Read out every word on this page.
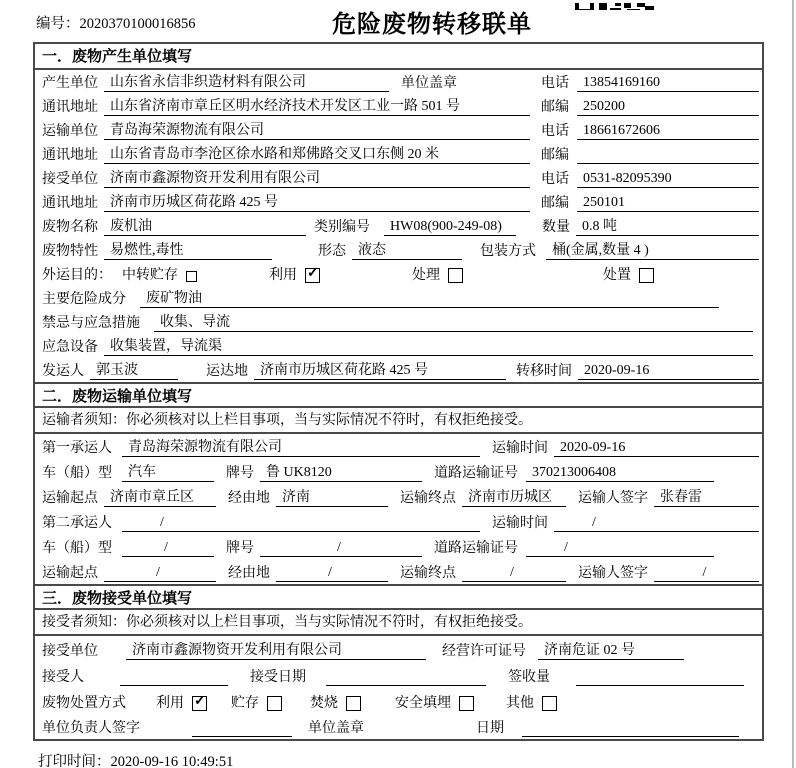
编号：2020370100016856	危险废物转移联单
一．废物产生单位填写
产生单位 山东省永信非织造材料有限公司	单位盖章	电话	13854169160
通讯地址 山东省济南市章丘区明水经济技术开发区工业一路 501 号	邮编	250200
运输单位 青岛海荣源物流有限公司	电话	18661672606
通讯地址 山东省青岛市李沧区徐水路和郑佛路交叉口东侧 20 米	邮编
接受单位 济南市鑫源物资开发利用有限公司	电话	0531-82095390
通讯地址 济南市历城区荷花路 425 号	邮编	250101
废物名称 废机油	类别编号	HW08(900-249-08)	数量 0.8 吨
废物特性 易燃性,毒性	形态 液态	包装方式	桶(金属,数量 4 )
外运目的： 中转贮存	利用 ✓	处理	处置
主要危险成分	废矿物油
禁忌与应急措施	收集、导流
应急设备 收集装置，导流渠
发运人 郭玉波	运达地 济南市历城区荷花路 425 号	转移时间 2020-09-16
二．废物运输单位填写
运输者须知：你必须核对以上栏目事项，当与实际情况不符时，有权拒绝接受。
第一承运人	青岛海荣源物流有限公司	运输时间 2020-09-16
车（船）型	汽车	牌号 鲁 UK8120	道路运输证号	370213006408
运输起点 济南市章丘区	经由地 济南	运输终点 济南市历城区	运输人签字 张春雷
第二承运人	/	运输时间	/
车（船）型	/	牌号	/	道路运输证号	/
运输起点	/	经由地	/	运输终点	/	运输人签字	/
三．废物接受单位填写
接受者须知：你必须核对以上栏目事项，当与实际情况不符时，有权拒绝接受。
接受单位	济南市鑫源物资开发利用有限公司	经营许可证号	济南危证 02 号
接受人	接受日期	签收量
废物处置方式	利用 ✓	贮存	焚烧	安全填埋	其他
单位负责人签字	单位盖章	日期
打印时间：2020-09-16 10:49:51
